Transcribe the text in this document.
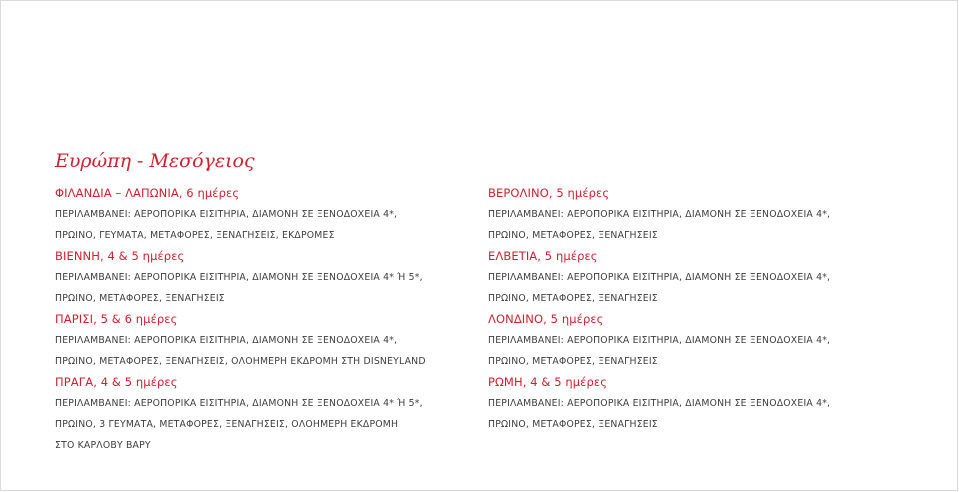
Ευρώπη - Μεσόγειος
ΦΙΛΑΝΔΙΑ – ΛΑΠΩΝΙΑ, 6 ημέρες
ΠΕΡΙΛΑΜΒΑΝΕΙ: ΑΕΡΟΠΟΡΙΚΑ ΕΙΣΙΤΗΡΙΑ, ΔΙΑΜΟΝΗ ΣΕ ΞΕΝΟΔΟΧΕΙΑ 4*,
ΠΡΩΙΝΟ, ΓΕΥΜΑΤΑ, ΜΕΤΑΦΟΡΕΣ, ΞΕΝΑΓΗΣΕΙΣ, ΕΚΔΡΟΜΕΣ
ΒΙΕΝΝΗ, 4 & 5 ημέρες
ΠΕΡΙΛΑΜΒΑΝΕΙ: ΑΕΡΟΠΟΡΙΚΑ ΕΙΣΙΤΗΡΙΑ, ΔΙΑΜΟΝΗ ΣΕ ΞΕΝΟΔΟΧΕΙΑ 4* Ή 5*,
ΠΡΩΙΝΟ, ΜΕΤΑΦΟΡΕΣ, ΞΕΝΑΓΗΣΕΙΣ
ΠΑΡΙΣΙ, 5 & 6 ημέρες
ΠΕΡΙΛΑΜΒΑΝΕΙ: ΑΕΡΟΠΟΡΙΚΑ ΕΙΣΙΤΗΡΙΑ, ΔΙΑΜΟΝΗ ΣΕ ΞΕΝΟΔΟΧΕΙΑ 4*,
ΠΡΩΙΝΟ, ΜΕΤΑΦΟΡΕΣ, ΞΕΝΑΓΗΣΕΙΣ, ΟΛΟΗΜΕΡΗ ΕΚΔΡΟΜΗ ΣΤΗ DISNEYLAND
ΠΡΑΓΑ, 4 & 5 ημέρες
ΠΕΡΙΛΑΜΒΑΝΕΙ: ΑΕΡΟΠΟΡΙΚΑ ΕΙΣΙΤΗΡΙΑ, ΔΙΑΜΟΝΗ ΣΕ ΞΕΝΟΔΟΧΕΙΑ 4* Ή 5*,
ΠΡΩΙΝΟ, 3 ΓΕΥΜΑΤΑ, ΜΕΤΑΦΟΡΕΣ, ΞΕΝΑΓΗΣΕΙΣ, ΟΛΟΗΜΕΡΗ ΕΚΔΡΟΜΗ
ΣΤΟ ΚΑΡΛΟΒΥ ΒΑΡΥ
ΒΕΡΟΛΙΝΟ, 5 ημέρες
ΠΕΡΙΛΑΜΒΑΝΕΙ: ΑΕΡΟΠΟΡΙΚΑ ΕΙΣΙΤΗΡΙΑ, ΔΙΑΜΟΝΗ ΣΕ ΞΕΝΟΔΟΧΕΙΑ 4*,
ΠΡΩΙΝΟ, ΜΕΤΑΦΟΡΕΣ, ΞΕΝΑΓΗΣΕΙΣ
ΕΛΒΕΤΙΑ, 5 ημέρες
ΠΕΡΙΛΑΜΒΑΝΕΙ: ΑΕΡΟΠΟΡΙΚΑ ΕΙΣΙΤΗΡΙΑ, ΔΙΑΜΟΝΗ ΣΕ ΞΕΝΟΔΟΧΕΙΑ 4*,
ΠΡΩΙΝΟ, ΜΕΤΑΦΟΡΕΣ, ΞΕΝΑΓΗΣΕΙΣ
ΛΟΝΔΙΝΟ, 5 ημέρες
ΠΕΡΙΛΑΜΒΑΝΕΙ: ΑΕΡΟΠΟΡΙΚΑ ΕΙΣΙΤΗΡΙΑ, ΔΙΑΜΟΝΗ ΣΕ ΞΕΝΟΔΟΧΕΙΑ 4*,
ΠΡΩΙΝΟ, ΜΕΤΑΦΟΡΕΣ, ΞΕΝΑΓΗΣΕΙΣ
ΡΩΜΗ, 4 & 5 ημέρες
ΠΕΡΙΛΑΜΒΑΝΕΙ: ΑΕΡΟΠΟΡΙΚΑ ΕΙΣΙΤΗΡΙΑ, ΔΙΑΜΟΝΗ ΣΕ ΞΕΝΟΔΟΧΕΙΑ 4*,
ΠΡΩΙΝΟ, ΜΕΤΑΦΟΡΕΣ, ΞΕΝΑΓΗΣΕΙΣ
